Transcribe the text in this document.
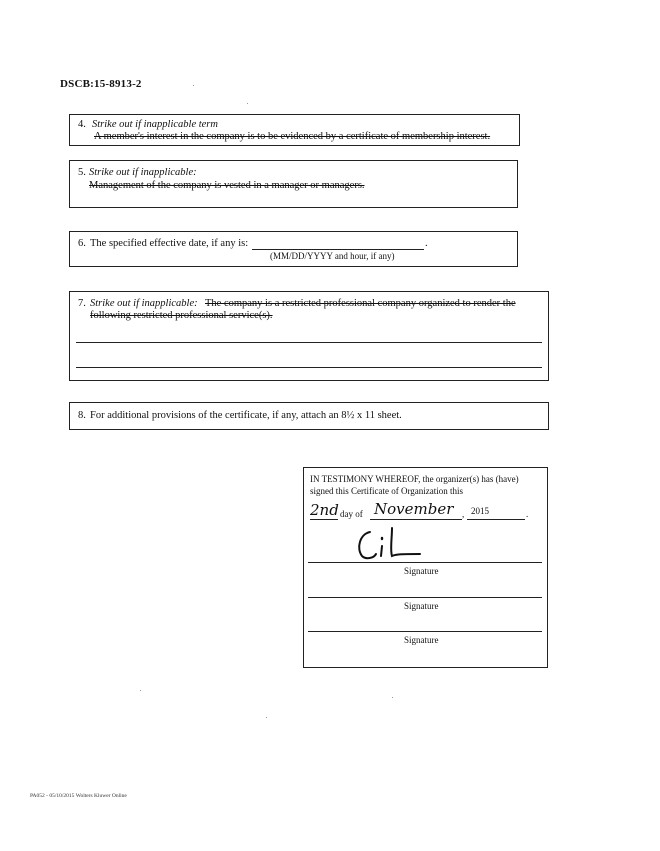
DSCB:15-8913-2
4. Strike out if inapplicable term
A member's interest in the company is to be evidenced by a certificate of membership interest.
5. Strike out if inapplicable:
Management of the company is vested in a manager or managers.
6. The specified effective date, if any is:	.
(MM/DD/YYYY and hour, if any)
7. Strike out if inapplicable: The company is a restricted professional company organized to render the
following restricted professional service(s).
8. For additional provisions of the certificate, if any, attach an 8½ x 11 sheet.
IN TESTIMONY WHEREOF, the organizer(s) has (have)
signed this Certificate of Organization this
2nd day of November , 2015	.
Signature
Signature
Signature
PA052 - 05/10/2015 Wolters Kluwer Online
